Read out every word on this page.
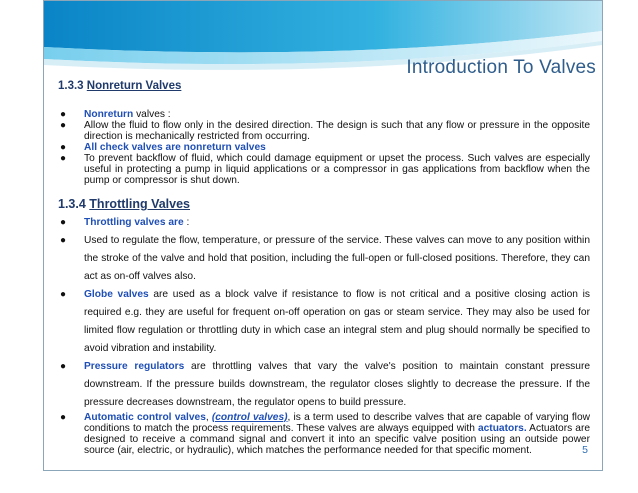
Introduction To Valves

1.3.3 Nonreturn Valves

● Nonreturn valves :
● Allow the fluid to flow only in the desired direction. The design is such that any flow or pressure in the opposite direction is mechanically restricted from occurring.
● All check valves are nonreturn valves
● To prevent backflow of fluid, which could damage equipment or upset the process. Such valves are especially useful in protecting a pump in liquid applications or a compressor in gas applications from backflow when the pump or compressor is shut down.

1.3.4 Throttling Valves

● Throttling valves are :
● Used to regulate the flow, temperature, or pressure of the service. These valves can move to any position within the stroke of the valve and hold that position, including the full-open or full-closed positions. Therefore, they can act as on-off valves also.
● Globe valves are used as a block valve if resistance to flow is not critical and a positive closing action is required e.g. they are useful for frequent on-off operation on gas or steam service. They may also be used for limited flow regulation or throttling duty in which case an integral stem and plug should normally be specified to avoid vibration and instability.
● Pressure regulators are throttling valves that vary the valve's position to maintain constant pressure downstream. If the pressure builds downstream, the regulator closes slightly to decrease the pressure. If the pressure decreases downstream, the regulator opens to build pressure.
● Automatic control valves, (control valves), is a term used to describe valves that are capable of varying flow conditions to match the process requirements. These valves are always equipped with actuators. Actuators are designed to receive a command signal and convert it into an specific valve position using an outside power source (air, electric, or hydraulic), which matches the performance needed for that specific moment.	5
